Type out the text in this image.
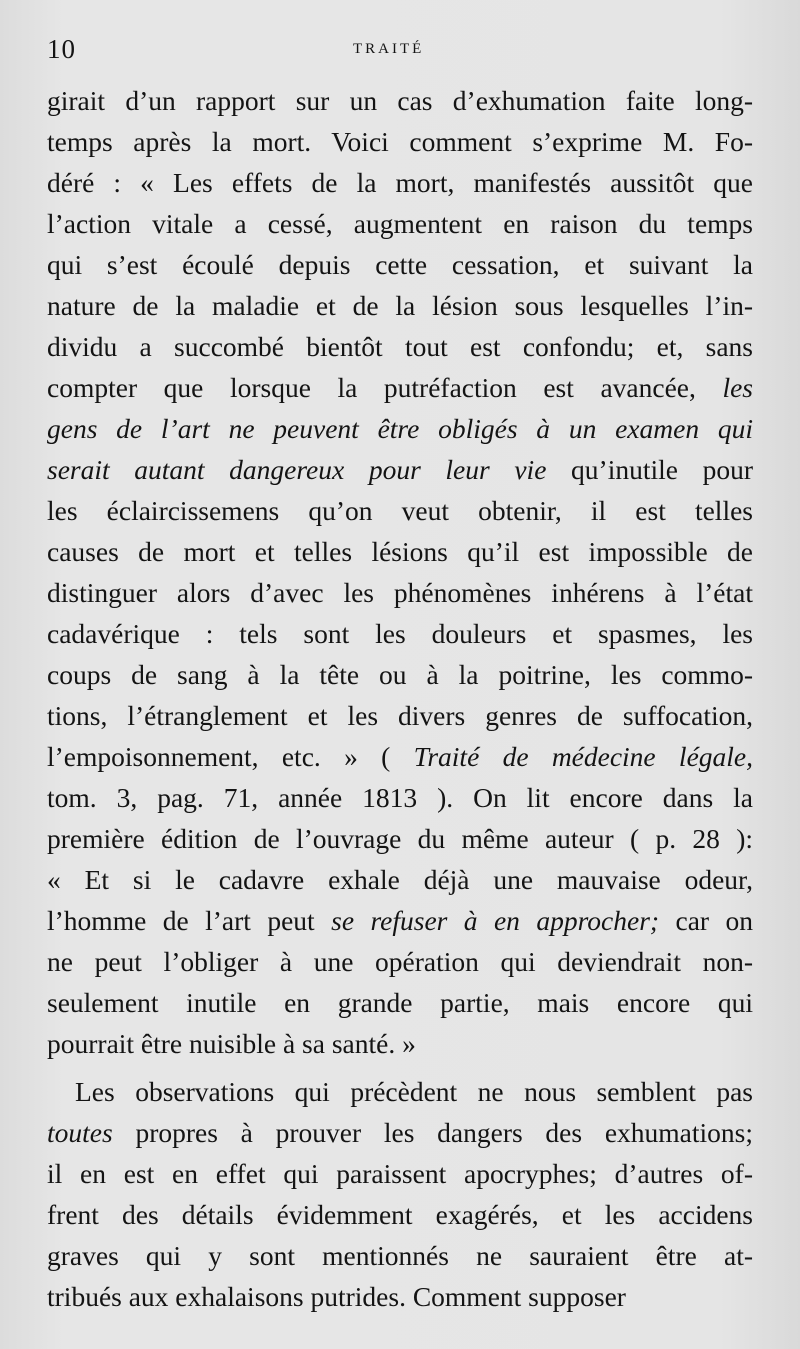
10	TRAITÉ
girait d’un rapport sur un cas d’exhumation faite long-
temps après la mort. Voici comment s’exprime M. Fo-
déré : « Les effets de la mort, manifestés aussitôt que
l’action vitale a cessé, augmentent en raison du temps
qui s’est écoulé depuis cette cessation, et suivant la
nature de la maladie et de la lésion sous lesquelles l’in-
dividu a succombé bientôt tout est confondu; et, sans
compter que lorsque la putréfaction est avancée, les
gens de l’art ne peuvent être obligés à un examen qui
serait autant dangereux pour leur vie qu’inutile pour
les éclaircissemens qu’on veut obtenir, il est telles
causes de mort et telles lésions qu’il est impossible de
distinguer alors d’avec les phénomènes inhérens à l’état
cadavérique : tels sont les douleurs et spasmes, les
coups de sang à la tête ou à la poitrine, les commo-
tions, l’étranglement et les divers genres de suffocation,
l’empoisonnement, etc. » ( Traité de médecine légale,
tom. 3, pag. 71, année 1813 ). On lit encore dans la
première édition de l’ouvrage du même auteur ( p. 28 ):
« Et si le cadavre exhale déjà une mauvaise odeur,
l’homme de l’art peut se refuser à en approcher; car on
ne peut l’obliger à une opération qui deviendrait non-
seulement inutile en grande partie, mais encore qui
pourrait être nuisible à sa santé. »
Les observations qui précèdent ne nous semblent pas
toutes propres à prouver les dangers des exhumations;
il en est en effet qui paraissent apocryphes; d’autres of-
frent des détails évidemment exagérés, et les accidens
graves qui y sont mentionnés ne sauraient être at-
tribués aux exhalaisons putrides. Comment supposer
